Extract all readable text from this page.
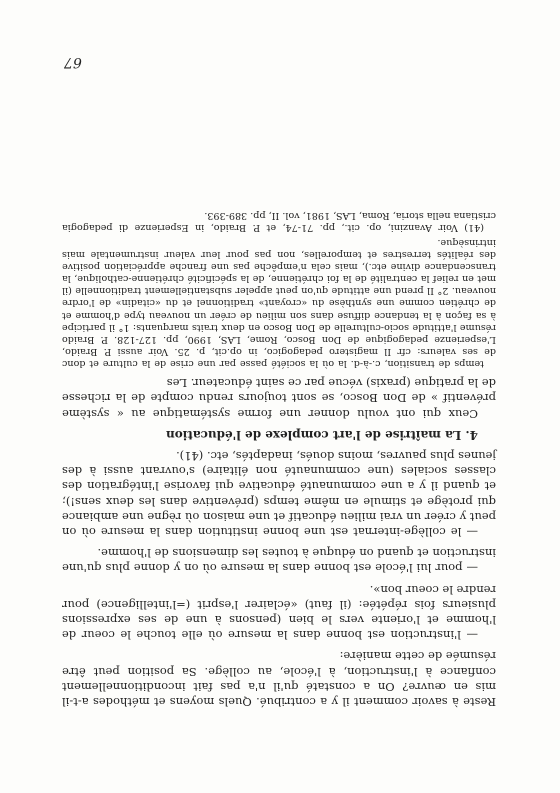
Reste à savoir comment il y a contribué. Quels moyens et méthodes a-t-il mis en œuvre? On a constaté qu'il n'a pas fait inconditionnellement confiance à l'instruction, à l'école, au collège. Sa position peut être résumée de cette manière:

— l'instruction est bonne dans la mesure où elle touche le coeur de l'homme et l'oriente vers le bien (pensons à une de ses expressions plusieurs fois répétée: (il faut) «éclairer l'esprit (=l'intelligence) pour rendre le coeur bon».

— pour lui l'école est bonne dans la mesure où on y donne plus qu'une instruction et quand on éduque à toutes les dimensions de l'homme.

— le collège-internat est une bonne institution dans la mesure où on peut y créer un vrai milieu éducatif et une maison où règne une ambiance qui protège et stimule en même temps (préventive dans les deux sens!); et quand il y a une communauté éducative qui favorise l'intégration des classes sociales (une communauté non élitaire) s'ouvrant aussi à des jeunes plus pauvres, moins doués, inadaptés, etc. (41).

4. La maîtrise de l'art complexe de l'éducation

Ceux qui ont voulu donner une forme systématique au « système préventif » de Don Bosco, se sont toujours rendu compte de la richesse de la pratique (praxis) vécue par ce saint éducateur. Les

temps de transition, c.-à-d. la où la société passe par une crise de la culture et donc de ses valeurs: cfr Il magistero pedagogico, in op.cit, p. 25. Voir aussi P. Braido, L'esperienze pedagogique de Don Bosco, Rome, LAS, 1990, pp. 127-128. P. Braido résume l'attitude socio-culturelle de Don Bosco en deux traits marquants: 1° il participe à sa façon à la tendance diffuse dans son milieu de créer un nouveau type d'homme et de chrétien comme une synthèse du «croyant» traditionnel et du «citadin» de l'ordre nouveau. 2° Il prend une attitude qu'on peut appeler substantiellement traditionnelle (il met en relief la centralité de la foi chrétienne, de la spécificité chrétienne-catholique, la transcendance divine etc.), mais cela n'empêche pas une franche appréciation positive des réalités terrestres et temporelles, non pas pour leur valeur instrumentale mais intrinsèque.

(41) Voir Avanzini, op. cit., pp. 71-74, et P. Braido, in Esperienze di pedagogia cristiana nella storia, Roma, LAS, 1981, vol. II, pp. 389-393.

67
